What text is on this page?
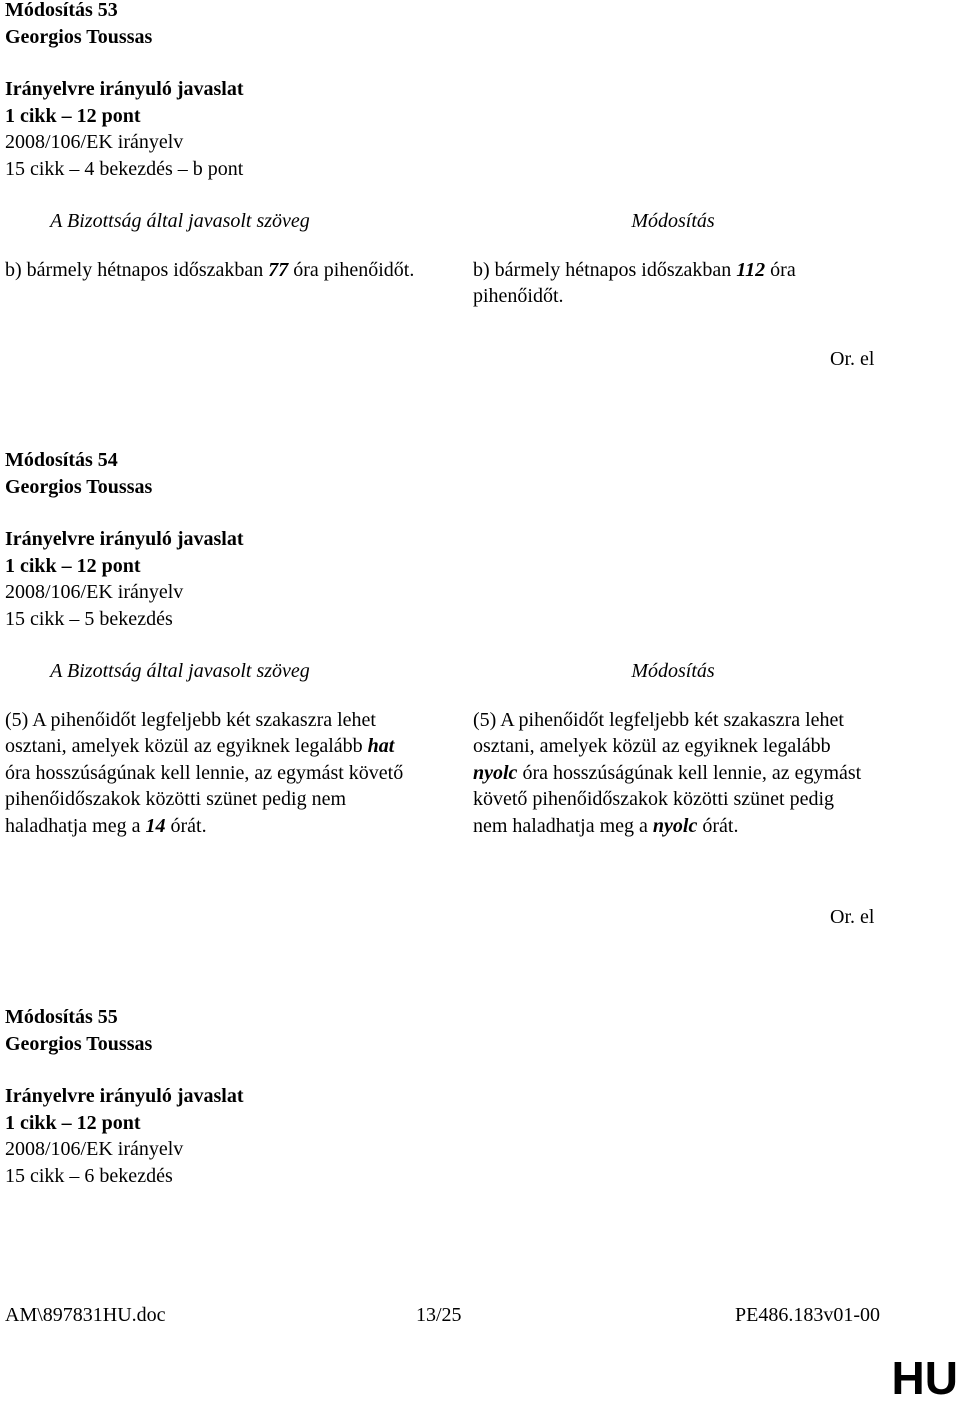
Módosítás 53
Georgios Toussas
Irányelvre irányuló javaslat
1 cikk – 12 pont
2008/106/EK irányelv
15 cikk – 4 bekezdés – b pont
A Bizottság által javasolt szöveg
b) bármely hétnapos időszakban 77 óra pihenőidőt.
Módosítás
b) bármely hétnapos időszakban 112 óra pihenőidőt.
Or. el
Módosítás 54
Georgios Toussas
Irányelvre irányuló javaslat
1 cikk – 12 pont
2008/106/EK irányelv
15 cikk – 5 bekezdés
A Bizottság által javasolt szöveg
(5) A pihenőidőt legfeljebb két szakaszra lehet osztani, amelyek közül az egyiknek legalább hat óra hosszúságúnak kell lennie, az egymást követő pihenőidőszakok közötti szünet pedig nem haladhatja meg a 14 órát.
Módosítás
(5) A pihenőidőt legfeljebb két szakaszra lehet osztani, amelyek közül az egyiknek legalább nyolc óra hosszúságúnak kell lennie, az egymást követő pihenőidőszakok közötti szünet pedig nem haladhatja meg a nyolc órát.
Or. el
Módosítás 55
Georgios Toussas
Irányelvre irányuló javaslat
1 cikk – 12 pont
2008/106/EK irányelv
15 cikk – 6 bekezdés
AM\897831HU.doc	13/25	PE486.183v01-00
HU
